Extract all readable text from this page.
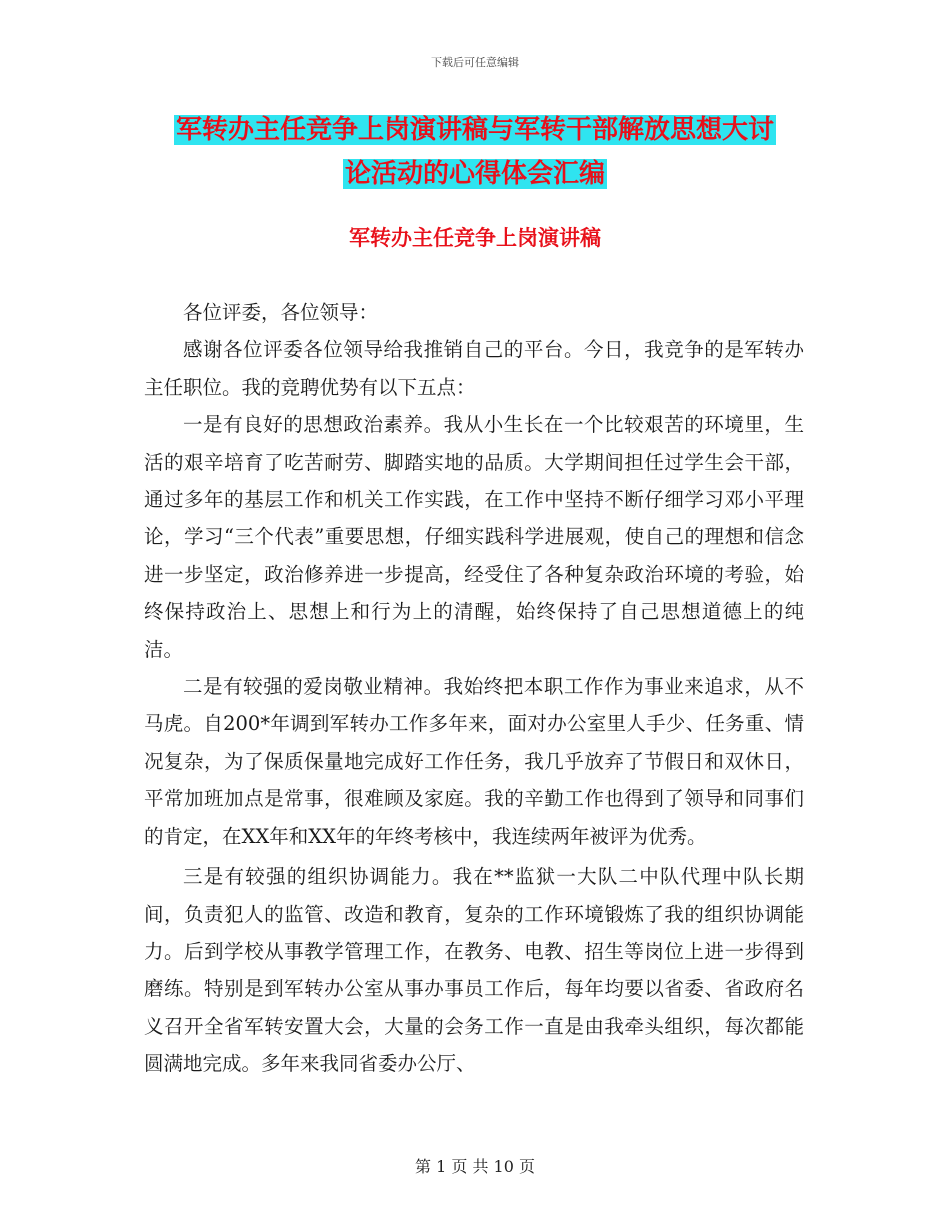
下载后可任意编辑
军转办主任竞争上岗演讲稿与军转干部解放思想大讨
论活动的心得体会汇编
军转办主任竞争上岗演讲稿

各位评委，各位领导：

感谢各位评委各位领导给我推销自己的平台。今日，我竞争的是军转办主任职位。我的竞聘优势有以下五点：

一是有良好的思想政治素养。我从小生长在一个比较艰苦的环境里，生活的艰辛培育了吃苦耐劳、脚踏实地的品质。大学期间担任过学生会干部，通过多年的基层工作和机关工作实践，在工作中坚持不断仔细学习邓小平理论，学习“三个代表”重要思想，仔细实践科学进展观，使自己的理想和信念进一步坚定，政治修养进一步提高，经受住了各种复杂政治环境的考验，始终保持政治上、思想上和行为上的清醒，始终保持了自己思想道德上的纯洁。

二是有较强的爱岗敬业精神。我始终把本职工作作为事业来追求，从不马虎。自200*年调到军转办工作多年来，面对办公室里人手少、任务重、情况复杂，为了保质保量地完成好工作任务，我几乎放弃了节假日和双休日，平常加班加点是常事，很难顾及家庭。我的辛勤工作也得到了领导和同事们的肯定，在XX年和XX年的年终考核中，我连续两年被评为优秀。

三是有较强的组织协调能力。我在**监狱一大队二中队代理中队长期间，负责犯人的监管、改造和教育，复杂的工作环境锻炼了我的组织协调能力。后到学校从事教学管理工作，在教务、电教、招生等岗位上进一步得到磨练。特别是到军转办公室从事办事员工作后，每年均要以省委、省政府名义召开全省军转安置大会，大量的会务工作一直是由我牵头组织，每次都能圆满地完成。多年来我同省委办公厅、

第 1 页 共 10 页
